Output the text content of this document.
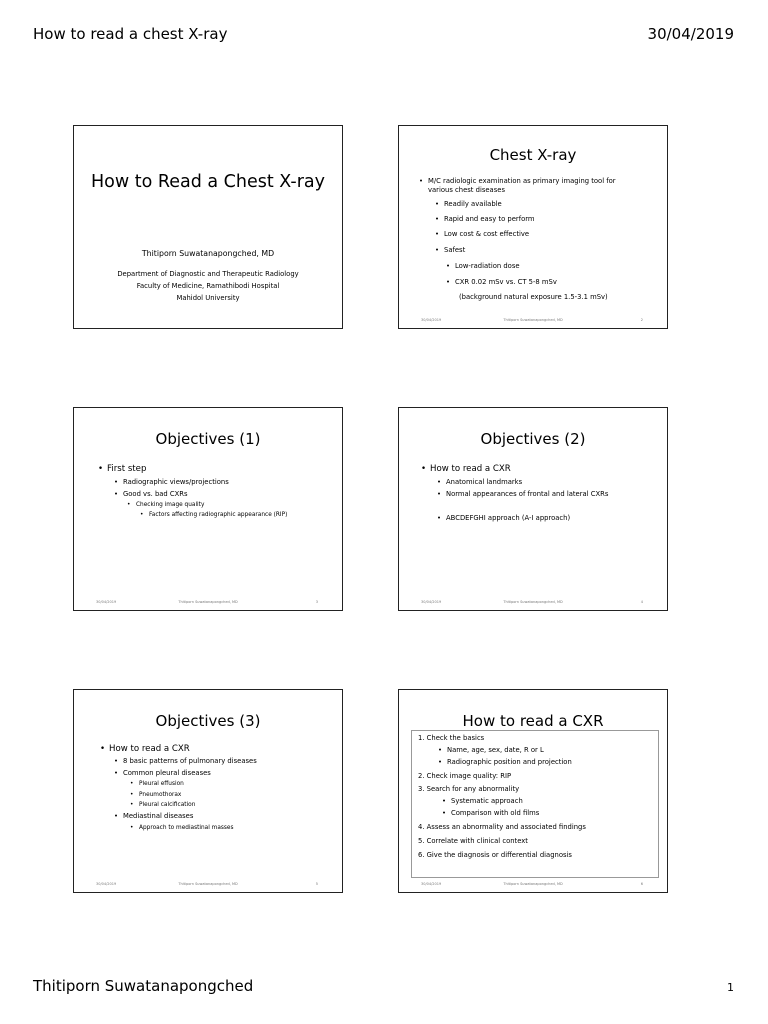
How to read a chest X-ray	30/04/2019
How to Read a Chest X-ray
Thitiporn Suwatanapongched, MD
Department of Diagnostic and Therapeutic Radiology
Faculty of Medicine, Ramathibodi Hospital
Mahidol University
Chest X-ray
• M/C radiologic examination as primary imaging tool for
various chest diseases
• Readily available
• Rapid and easy to perform
• Low cost & cost effective
• Safest
• Low-radiation dose
• CXR 0.02 mSv vs. CT 5-8 mSv
(background natural exposure 1.5-3.1 mSv)
30/04/2019	Thitiporn Suwatanapongched, MD	2
Objectives (1)
• First step
• Radiographic views/projections
• Good vs. bad CXRs
• Checking image quality
• Factors affecting radiographic appearance (RIP)
30/04/2019	Thitiporn Suwatanapongched, MD	3
Objectives (2)
• How to read a CXR
• Anatomical landmarks
• Normal appearances of frontal and lateral CXRs
• ABCDEFGHI approach (A-I approach)
30/04/2019	Thitiporn Suwatanapongched, MD	4
Objectives (3)
• How to read a CXR
• 8 basic patterns of pulmonary diseases
• Common pleural diseases
• Pleural effusion
• Pneumothorax
• Pleural calcification
• Mediastinal diseases
• Approach to mediastinal masses
30/04/2019	Thitiporn Suwatanapongched, MD	5
How to read a CXR
1. Check the basics
• Name, age, sex, date, R or L
• Radiographic position and projection
2. Check image quality: RIP
3. Search for any abnormality
• Systematic approach
• Comparison with old films
4. Assess an abnormality and associated findings
5. Correlate with clinical context
6. Give the diagnosis or differential diagnosis
30/04/2019	Thitiporn Suwatanapongched, MD	6
Thitiporn Suwatanapongched	1
